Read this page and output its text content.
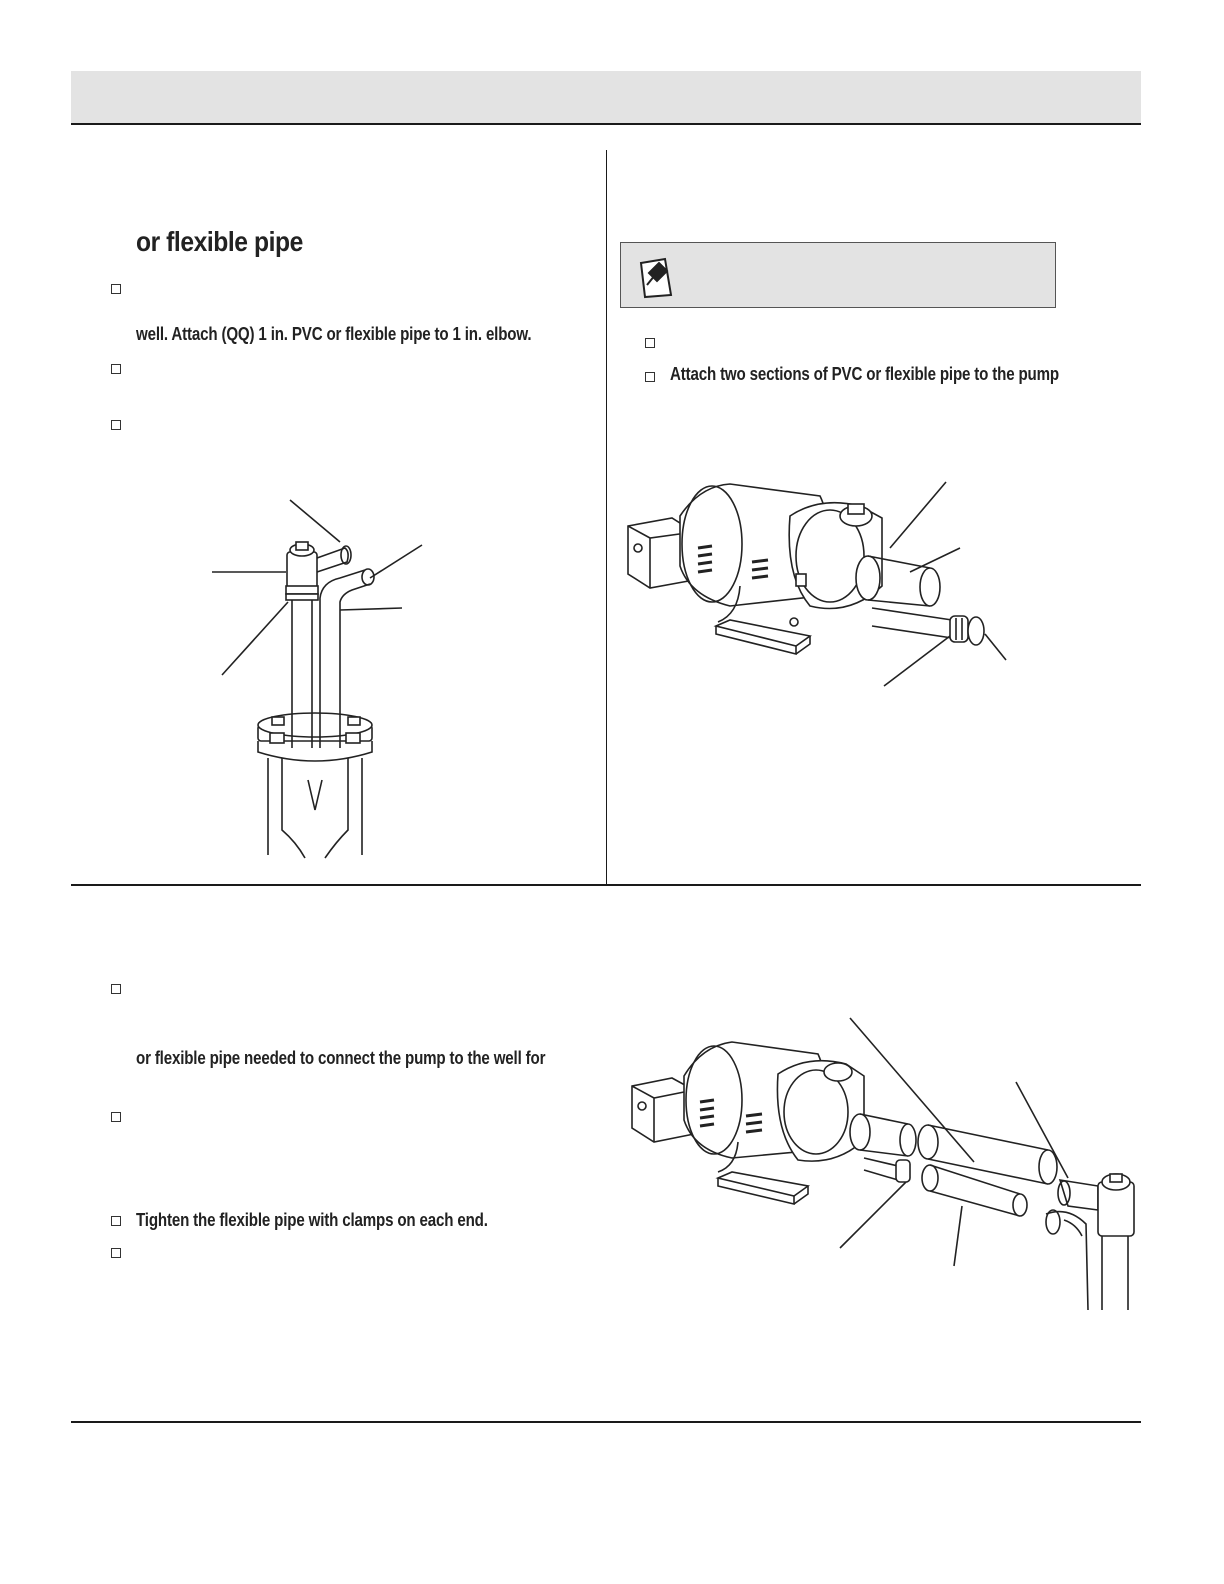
or flexible pipe
well. Attach (QQ) 1 in. PVC or flexible pipe to 1 in. elbow.
Attach two sections of PVC or flexible pipe to the pump
or flexible pipe needed to connect the pump to the well for
Tighten the flexible pipe with clamps on each end.
